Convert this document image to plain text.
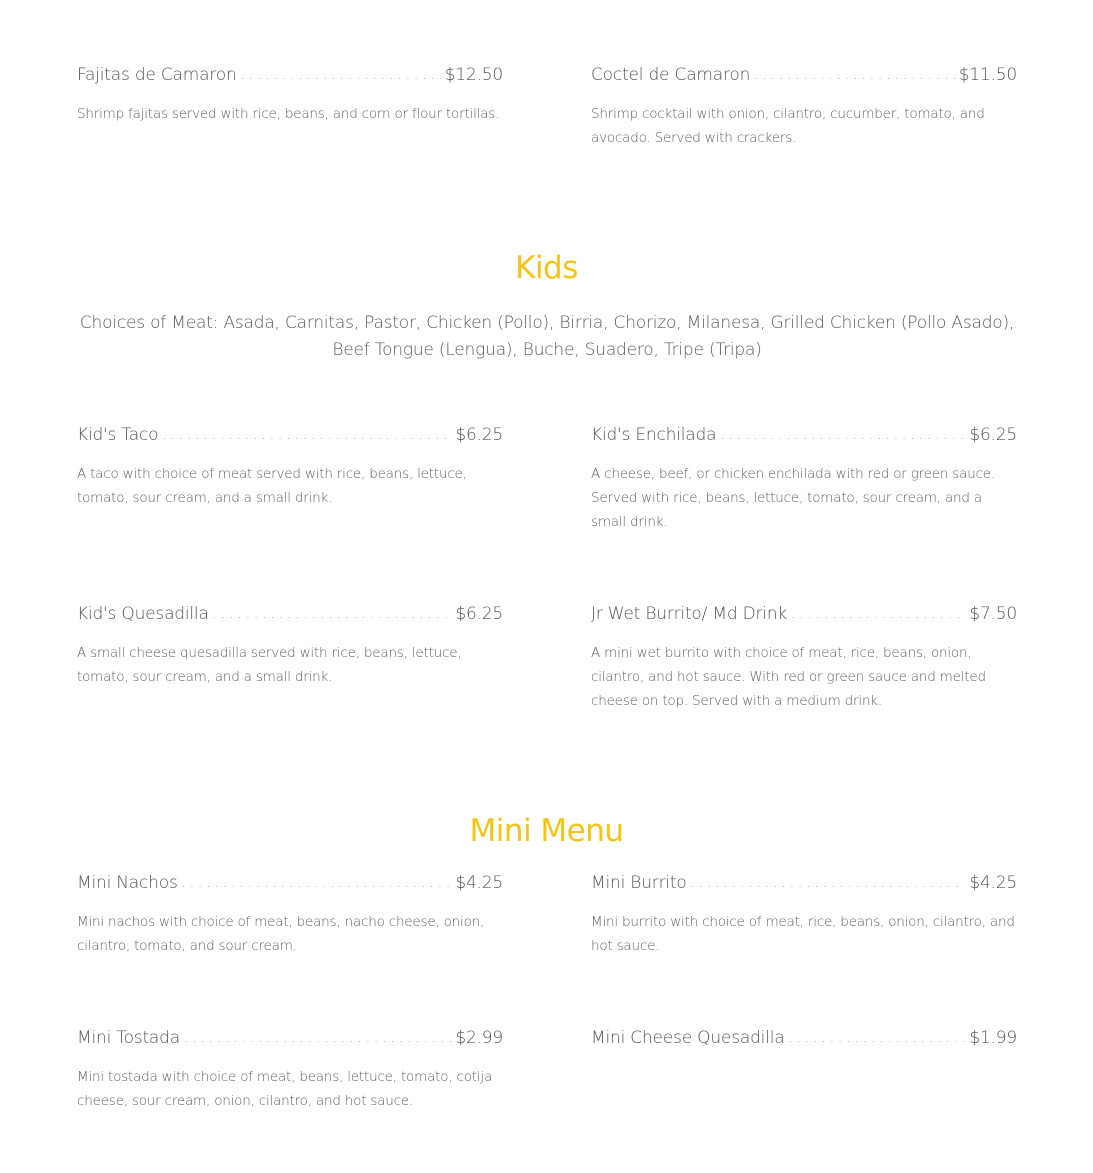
Fajitas de Camaron . . .	$12.50
Shrimp fajitas served with rice, beans, and corn or flour tortillas.
Coctel de Camaron . . .	$11.50
Shrimp cocktail with onion, cilantro, cucumber, tomato, and avocado. Served with crackers.
Kids
Choices of Meat: Asada, Carnitas, Pastor, Chicken (Pollo), Birria, Chorizo, Milanesa, Grilled Chicken (Pollo Asado), Beef Tongue (Lengua), Buche, Suadero, Tripe (Tripa)
Kid's Taco . . .	$6.25
A taco with choice of meat served with rice, beans, lettuce, tomato, sour cream, and a small drink.
Kid's Enchilada . . .	$6.25
A cheese, beef, or chicken enchilada with red or green sauce. Served with rice, beans, lettuce, tomato, sour cream, and a small drink.
Kid's Quesadilla . . .	$6.25
A small cheese quesadilla served with rice, beans, lettuce, tomato, sour cream, and a small drink.
Jr Wet Burrito/ Md Drink . . .	$7.50
A mini wet burrito with choice of meat, rice, beans, onion, cilantro, and hot sauce. With red or green sauce and melted cheese on top. Served with a medium drink.
Mini Menu
Mini Nachos . . .	$4.25
Mini nachos with choice of meat, beans, nacho cheese, onion, cilantro, tomato, and sour cream.
Mini Burrito . . .	$4.25
Mini burrito with choice of meat, rice, beans, onion, cilantro, and hot sauce.
Mini Tostada . . .	$2.99
Mini tostada with choice of meat, beans, lettuce, tomato, cotija cheese, sour cream, onion, cilantro, and hot sauce.
Mini Cheese Quesadilla . . .	$1.99
